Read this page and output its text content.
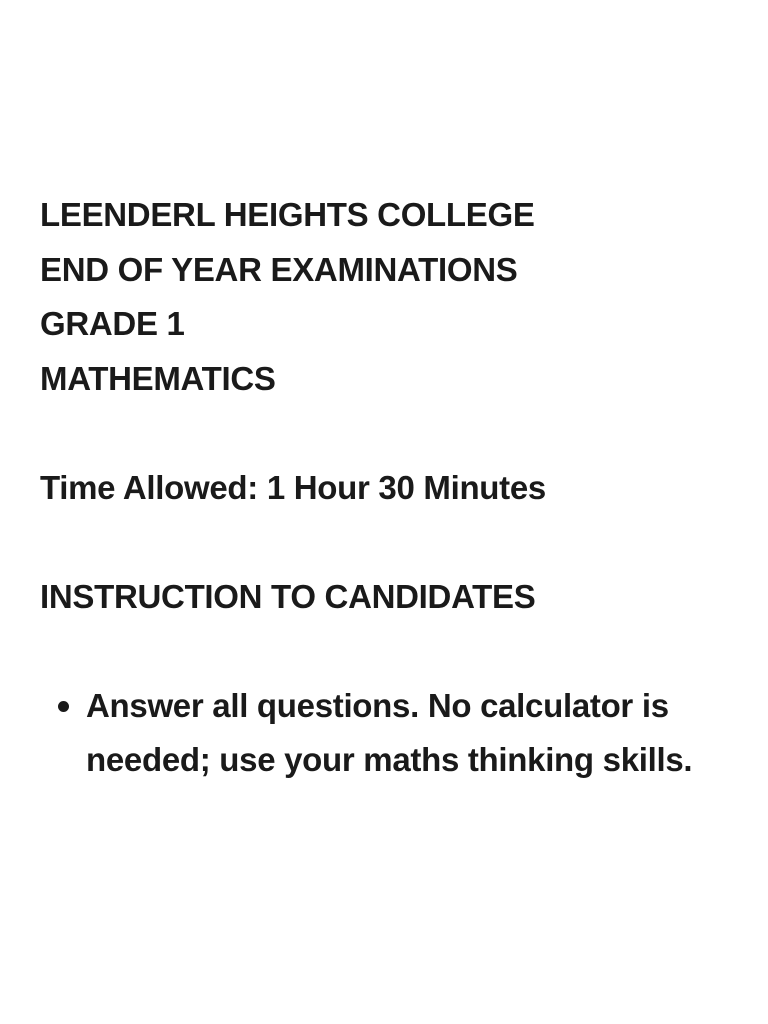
LEENDERL HEIGHTS COLLEGE
END OF YEAR EXAMINATIONS
GRADE 1
MATHEMATICS
Time Allowed: 1 Hour 30 Minutes
INSTRUCTION TO CANDIDATES
Answer all questions. No calculator is needed; use your maths thinking skills.
